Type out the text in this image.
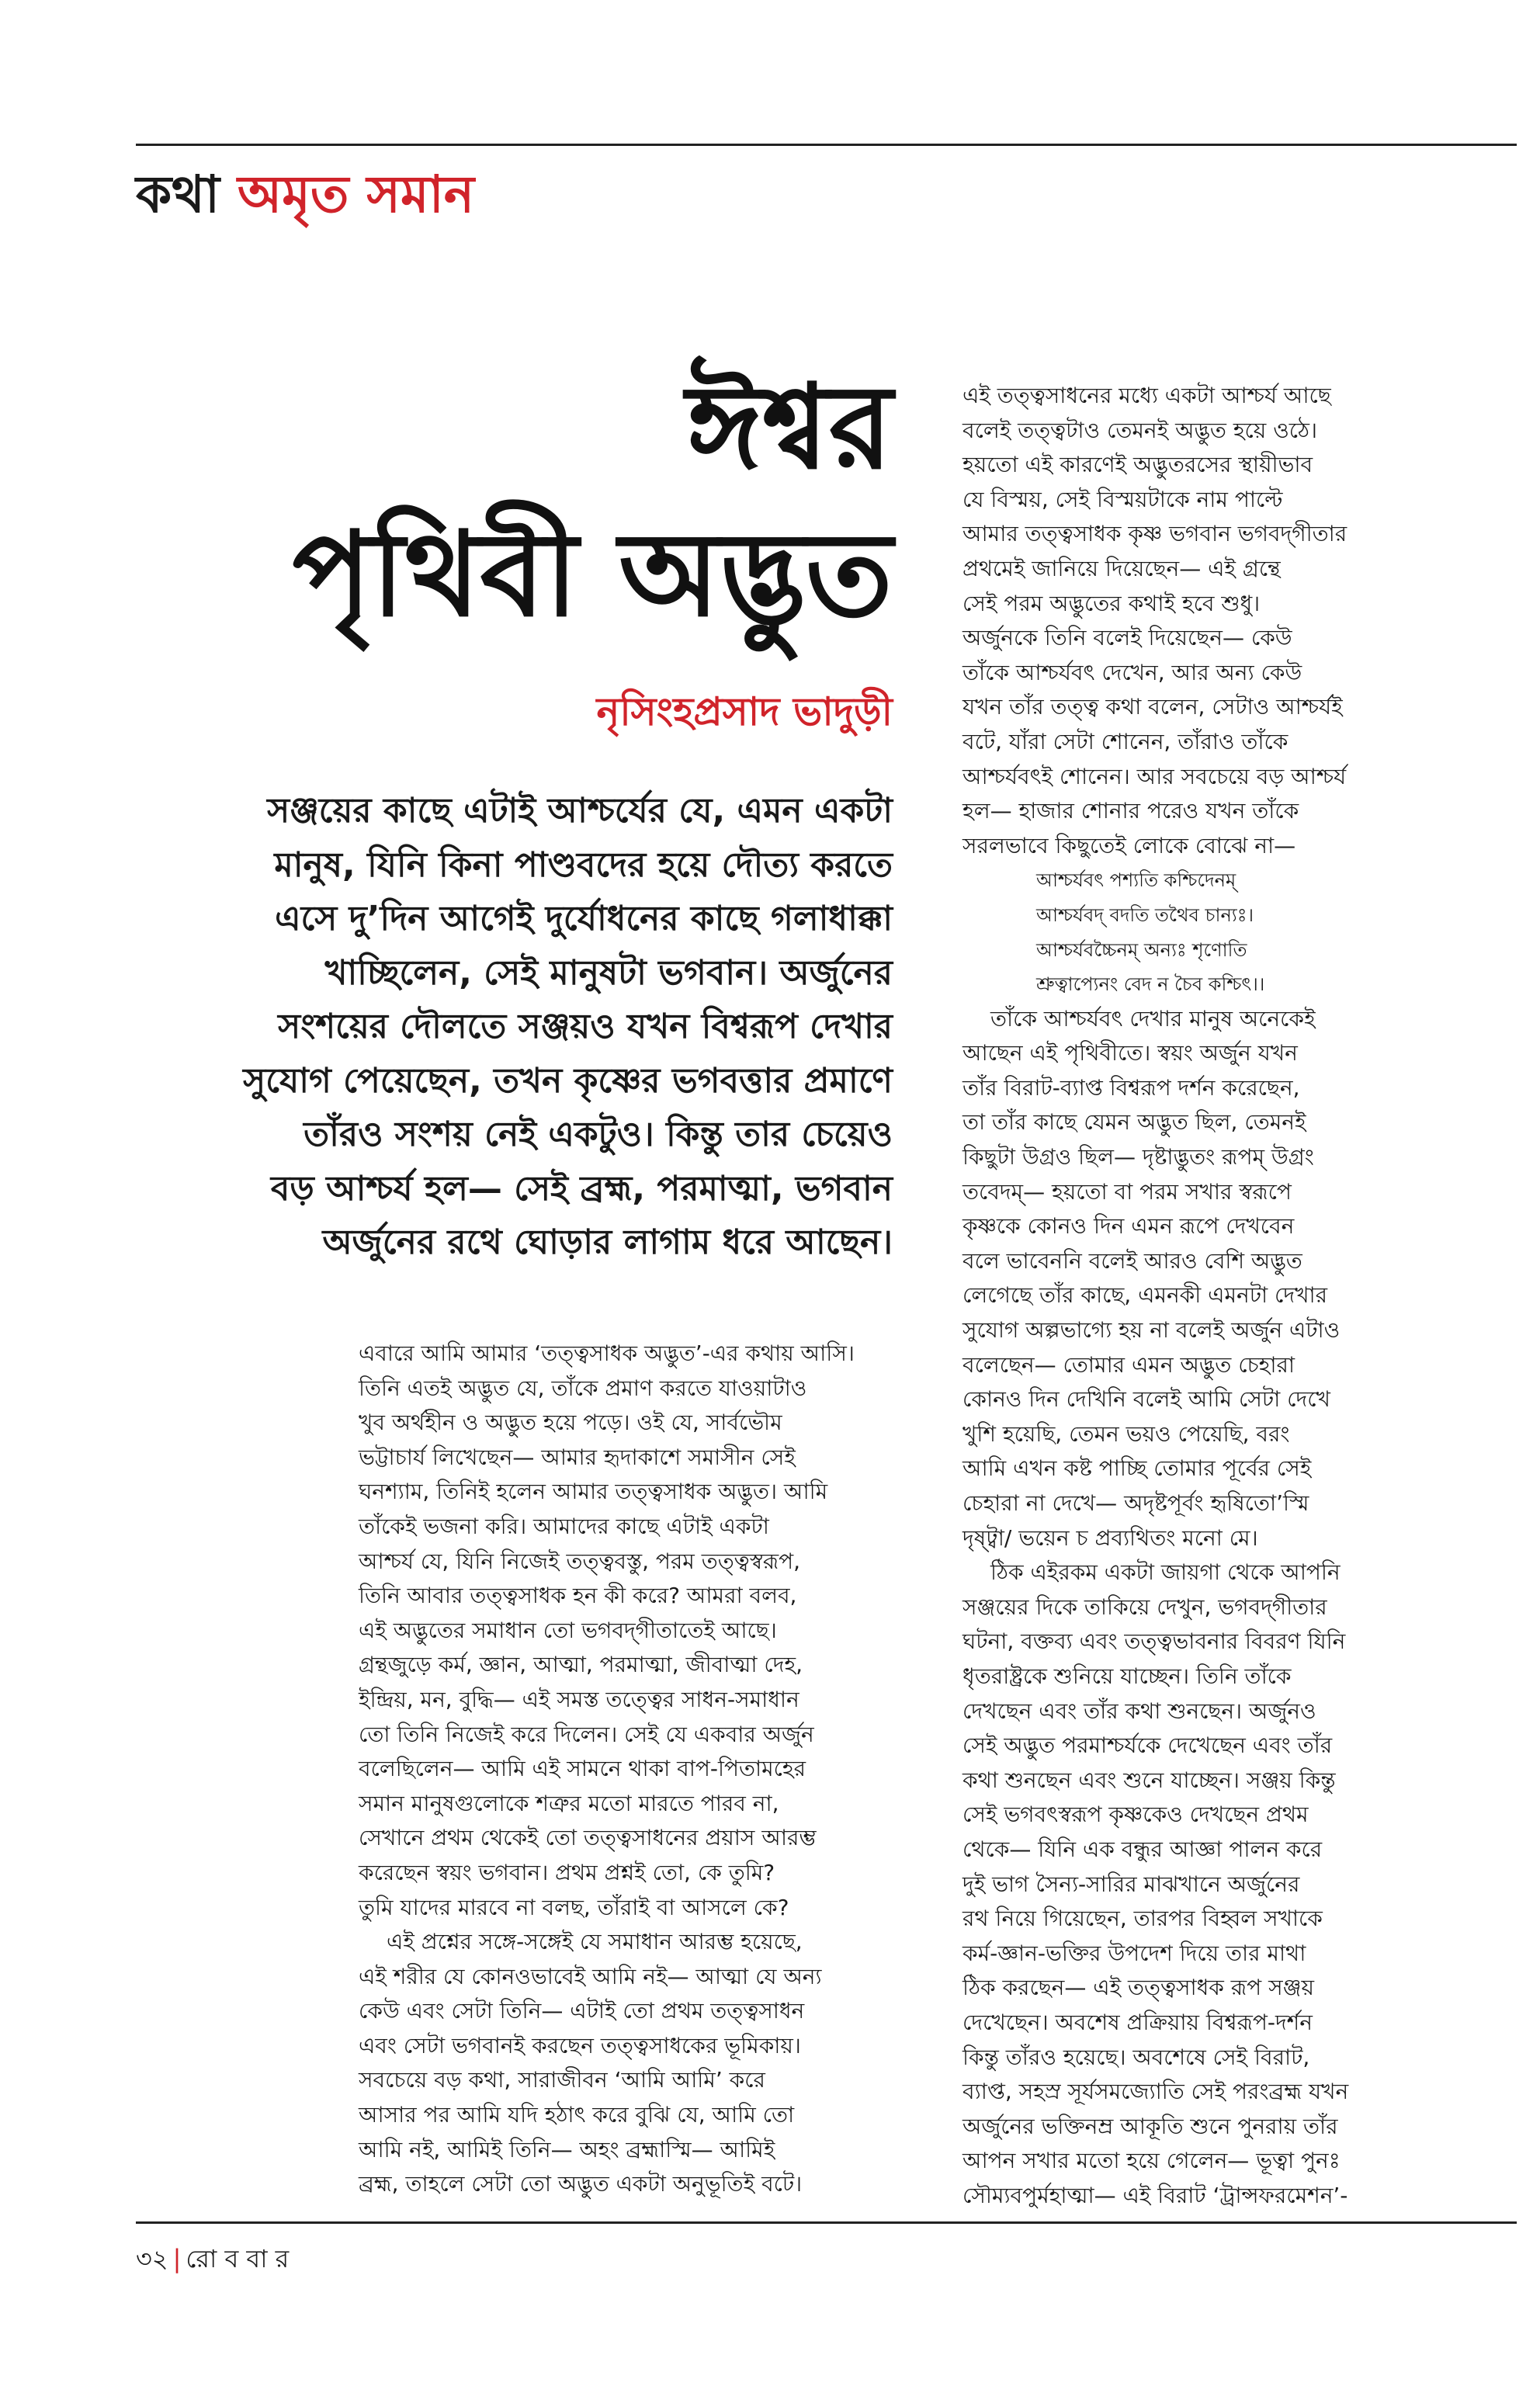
কথা অমৃত সমান
ঈশ্বর
পৃথিবী অদ্ভুত
নৃসিংহপ্রসাদ ভাদুড়ী
সঞ্জয়ের কাছে এটাই আশ্চর্যের যে, এমন একটা
মানুষ, যিনি কিনা পাণ্ডবদের হয়ে দৌত্য করতে
এসে দু’দিন আগেই দুর্যোধনের কাছে গলাধাক্কা
খাচ্ছিলেন, সেই মানুষটা ভগবান। অর্জুনের
সংশয়ের দৌলতে সঞ্জয়ও যখন বিশ্বরূপ দেখার
সুযোগ পেয়েছেন, তখন কৃষ্ণের ভগবত্তার প্রমাণে
তাঁরও সংশয় নেই একটুও। কিন্তু তার চেয়েও
বড় আশ্চর্য হল— সেই ব্রহ্ম, পরমাত্মা, ভগবান
অর্জুনের রথে ঘোড়ার লাগাম ধরে আছেন।
এবারে আমি আমার ‘তত্ত্বসাধক অদ্ভুত’-এর কথায় আসি।
তিনি এতই অদ্ভুত যে, তাঁকে প্রমাণ করতে যাওয়াটাও
খুব অর্থহীন ও অদ্ভুত হয়ে পড়ে। ওই যে, সার্বভৌম
ভট্টাচার্য লিখেছেন— আমার হৃদাকাশে সমাসীন সেই
ঘনশ্যাম, তিনিই হলেন আমার তত্ত্বসাধক অদ্ভুত। আমি
তাঁকেই ভজনা করি। আমাদের কাছে এটাই একটা
আশ্চর্য যে, যিনি নিজেই তত্ত্ববস্তু, পরম তত্ত্বস্বরূপ,
তিনি আবার তত্ত্বসাধক হন কী করে? আমরা বলব,
এই অদ্ভুতের সমাধান তো ভগবদ্‌গীতাতেই আছে।
গ্রন্থজুড়ে কর্ম, জ্ঞান, আত্মা, পরমাত্মা, জীবাত্মা দেহ,
ইন্দ্রিয়, মন, বুদ্ধি— এই সমস্ত তত্ত্বের সাধন-সমাধান
তো তিনি নিজেই করে দিলেন। সেই যে একবার অর্জুন
বলেছিলেন— আমি এই সামনে থাকা বাপ-পিতামহের
সমান মানুষগুলোকে শত্রুর মতো মারতে পারব না,
সেখানে প্রথম থেকেই তো তত্ত্বসাধনের প্রয়াস আরম্ভ
করেছেন স্বয়ং ভগবান। প্রথম প্রশ্নই তো, কে তুমি?
তুমি যাদের মারবে না বলছ, তাঁরাই বা আসলে কে?
এই প্রশ্নের সঙ্গে-সঙ্গেই যে সমাধান আরম্ভ হয়েছে,
এই শরীর যে কোনওভাবেই আমি নই— আত্মা যে অন্য
কেউ এবং সেটা তিনি— এটাই তো প্রথম তত্ত্বসাধন
এবং সেটা ভগবানই করছেন তত্ত্বসাধকের ভূমিকায়।
সবচেয়ে বড় কথা, সারাজীবন ‘আমি আমি’ করে
আসার পর আমি যদি হঠাৎ করে বুঝি যে, আমি তো
আমি নই, আমিই তিনি— অহং ব্রহ্মাস্মি— আমিই
ব্রহ্ম, তাহলে সেটা তো অদ্ভুত একটা অনুভূতিই বটে।
এই তত্ত্বসাধনের মধ্যে একটা আশ্চর্য আছে
বলেই তত্ত্বটাও তেমনই অদ্ভুত হয়ে ওঠে।
হয়তো এই কারণেই অদ্ভুতরসের স্থায়ীভাব
যে বিস্ময়, সেই বিস্ময়টাকে নাম পাল্টে
আমার তত্ত্বসাধক কৃষ্ণ ভগবান ভগবদ্‌গীতার
প্রথমেই জানিয়ে দিয়েছেন— এই গ্রন্থে
সেই পরম অদ্ভুতের কথাই হবে শুধু।
অর্জুনকে তিনি বলেই দিয়েছেন— কেউ
তাঁকে আশ্চর্যবৎ দেখেন, আর অন্য কেউ
যখন তাঁর তত্ত্ব কথা বলেন, সেটাও আশ্চর্যই
বটে, যাঁরা সেটা শোনেন, তাঁরাও তাঁকে
আশ্চর্যবৎই শোনেন। আর সবচেয়ে বড় আশ্চর্য
হল— হাজার শোনার পরেও যখন তাঁকে
সরলভাবে কিছুতেই লোকে বোঝে না—
আশ্চর্যবৎ পশ্যতি কশ্চিদেনম্
আশ্চর্যবদ্ বদতি তথৈব চান্যঃ।
আশ্চর্যবচ্চৈনম্ অন্যঃ শৃণোতি
শ্রুত্বাপ্যেনং বেদ ন চৈব কশ্চিৎ।।
তাঁকে আশ্চর্যবৎ দেখার মানুষ অনেকেই
আছেন এই পৃথিবীতে। স্বয়ং অর্জুন যখন
তাঁর বিরাট-ব্যাপ্ত বিশ্বরূপ দর্শন করেছেন,
তা তাঁর কাছে যেমন অদ্ভুত ছিল, তেমনই
কিছুটা উগ্রও ছিল— দৃষ্টাদ্ভুতং রূপম্ উগ্রং
তবেদম্— হয়তো বা পরম সখার স্বরূপে
কৃষ্ণকে কোনও দিন এমন রূপে দেখবেন
বলে ভাবেননি বলেই আরও বেশি অদ্ভুত
লেগেছে তাঁর কাছে, এমনকী এমনটা দেখার
সুযোগ অল্পভাগ্যে হয় না বলেই অর্জুন এটাও
বলেছেন— তোমার এমন অদ্ভুত চেহারা
কোনও দিন দেখিনি বলেই আমি সেটা দেখে
খুশি হয়েছি, তেমন ভয়ও পেয়েছি, বরং
আমি এখন কষ্ট পাচ্ছি তোমার পূর্বের সেই
চেহারা না দেখে— অদৃষ্টপূর্বং হৃষিতো’স্মি
দৃষ্ট্বা/ ভয়েন চ প্রব্যথিতং মনো মে।
ঠিক এইরকম একটা জায়গা থেকে আপনি
সঞ্জয়ের দিকে তাকিয়ে দেখুন, ভগবদ্‌গীতার
ঘটনা, বক্তব্য এবং তত্ত্বভাবনার বিবরণ যিনি
ধৃতরাষ্ট্রকে শুনিয়ে যাচ্ছেন। তিনি তাঁকে
দেখছেন এবং তাঁর কথা শুনছেন। অর্জুনও
সেই অদ্ভুত পরমাশ্চর্যকে দেখেছেন এবং তাঁর
কথা শুনছেন এবং শুনে যাচ্ছেন। সঞ্জয় কিন্তু
সেই ভগবৎস্বরূপ কৃষ্ণকেও দেখছেন প্রথম
থেকে— যিনি এক বন্ধুর আজ্ঞা পালন করে
দুই ভাগ সৈন্য-সারির মাঝখানে অর্জুনের
রথ নিয়ে গিয়েছেন, তারপর বিহ্বল সখাকে
কর্ম-জ্ঞান-ভক্তির উপদেশ দিয়ে তার মাথা
ঠিক করছেন— এই তত্ত্বসাধক রূপ সঞ্জয়
দেখেছেন। অবশেষ প্রক্রিয়ায় বিশ্বরূপ-দর্শন
কিন্তু তাঁরও হয়েছে। অবশেষে সেই বিরাট,
ব্যাপ্ত, সহস্র সূর্যসমজ্যোতি সেই পরংব্রহ্ম যখন
অর্জুনের ভক্তিনম্র আকূতি শুনে পুনরায় তাঁর
আপন সখার মতো হয়ে গেলেন— ভূত্বা পুনঃ
সৌম্যবপুর্মহাত্মা— এই বিরাট ‘ট্রান্সফরমেশন’-
৩২ | রো ব বা র
